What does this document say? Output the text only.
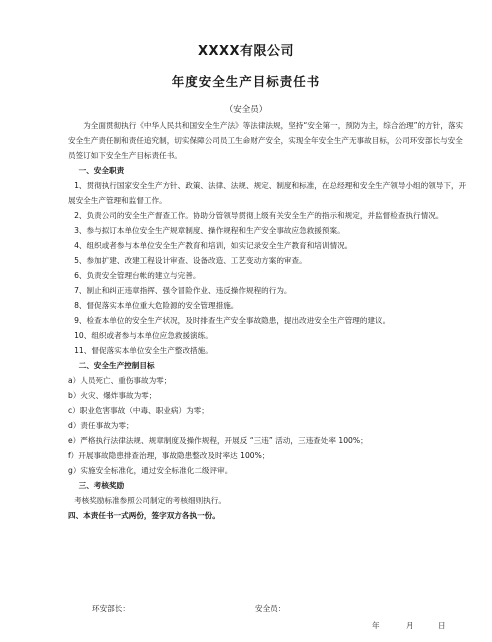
XXXX有限公司
年度安全生产目标责任书
（安全员）

为全面贯彻执行《中华人民共和国安全生产法》等法律法规，坚持“安全第一，预防为主，综合治理”的方针，落实安全生产责任制和责任追究制，切实保障公司员工生命财产安全，实现全年安全生产无事故目标，公司环安部长与安全员签订如下安全生产目标责任书。

一、安全职责

1、贯彻执行国家安全生产方针、政策、法律、法规、规定、制度和标准，在总经理和安全生产领导小组的领导下，开展安全生产管理和监督工作。

2、负责公司的安全生产督查工作。协助分管领导贯彻上级有关安全生产的指示和规定，并监督检查执行情况。

3、参与拟订本单位安全生产规章制度、操作规程和生产安全事故应急救援预案。

4、组织或者参与本单位安全生产教育和培训，如实记录安全生产教育和培训情况。

5、参加扩建、改建工程设计审查、设备改造、工艺变动方案的审查。

6、负责安全管理台帐的建立与完善。

7、制止和纠正违章指挥、强令冒险作业、违反操作规程的行为。

8、督促落实本单位重大危险源的安全管理措施。

9、检查本单位的安全生产状况，及时排查生产安全事故隐患，提出改进安全生产管理的建议。

10、组织或者参与本单位应急救援演练。

11、督促落实本单位安全生产整改措施。

二、安全生产控制目标

a）人员死亡、重伤事故为零；

b）火灾、爆炸事故为零；

c）职业危害事故（中毒、职业病）为零；

d）责任事故为零；

e）严格执行法律法规、规章制度及操作规程，开展反 “三违” 活动，三违查处率 100%；

f）开展事故隐患排查治理，事故隐患整改及时率达 100%；

g）实施安全标准化，通过安全标准化二级评审。

三、考核奖励

考核奖励标准参照公司制定的考核细则执行。

四、本责任书一式两份，签字双方各执一份。

环安部长：	安全员：
年	月	日
